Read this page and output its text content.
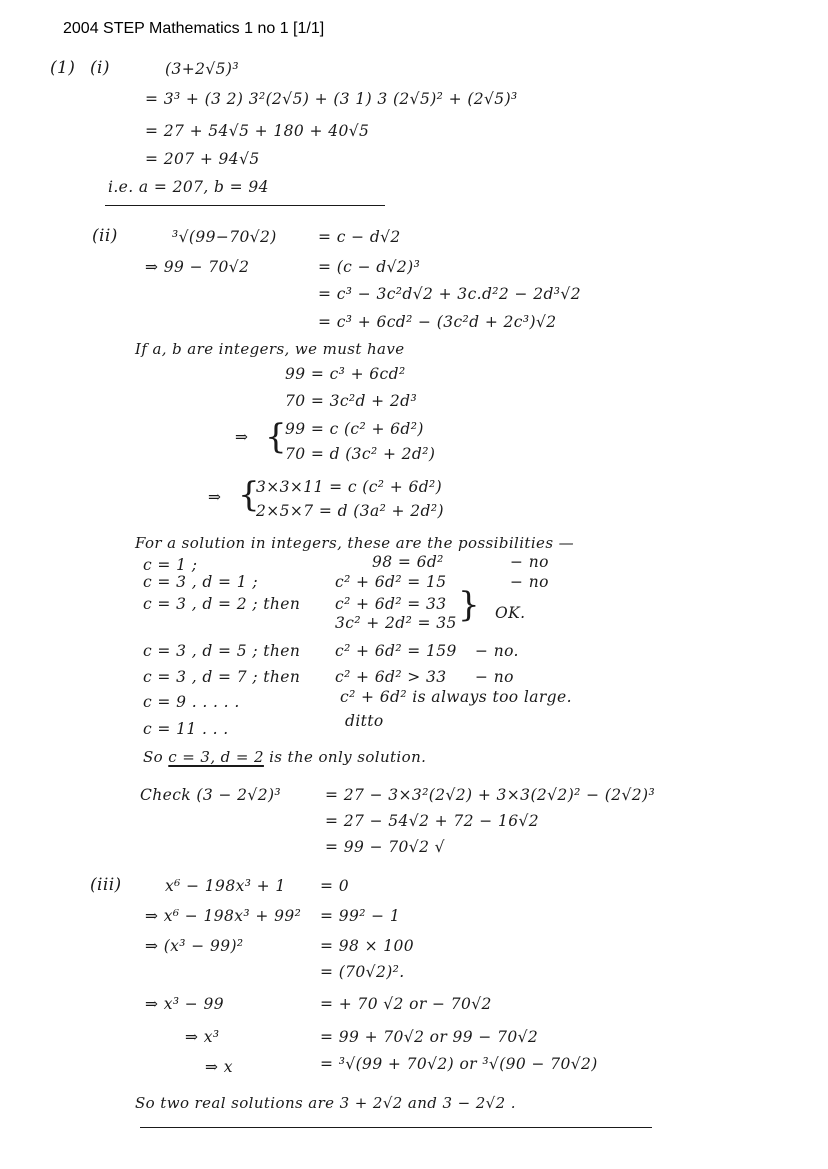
2004 STEP Mathematics 1 no 1 [1/1]
(1) (i)	(3+2√5)³
= 3³ + (3 2) 3²(2√5) + (3 1) 3 (2√5)² + (2√5)³
= 27 + 54√5 + 180 + 40√5
= 207 + 94√5
i.e. a = 207, b = 94
(ii)	³√(99−70√2)	= c − d√2
⇒ 99 − 70√2	= (c − d√2)³
= c³ − 3c²d√2 + 3c.d²2 − 2d³√2
= c³ + 6cd² − (3c²d + 2c³)√2
If a, b are integers, we must have
99 = c³ + 6cd²
70 = 3c²d + 2d³
⇒ {
99 = c (c² + 6d²)
70 = d (3c² + 2d²)
⇒ {
3×3×11 = c (c² + 6d²)
2×5×7 = d (3a² + 2d²)
For a solution in integers, these are the possibilities —
c = 1 ;	98 = 6d²	− no
c = 3 , d = 1 ;	c² + 6d² = 15	− no
c = 3 , d = 2 ; then c² + 6d² = 33 }
3c² + 2d² = 35
OK.
c = 3 , d = 5 ; then c² + 6d² = 159 − no.
c = 3 , d = 7 ; then c² + 6d² > 33 − no
c = 9 . . . . .	c² + 6d² is always too large.
c = 11 . . .	ditto
So c = 3, d = 2 is the only solution.
Check (3 − 2√2)³	= 27 − 3×3²(2√2) + 3×3(2√2)² − (2√2)³
= 27 − 54√2 + 72 − 16√2
= 99 − 70√2 √
(iii)	x⁶ − 198x³ + 1 = 0
⇒ x⁶ − 198x³ + 99² = 99² − 1
⇒ (x³ − 99)²	= 98 × 100
= (70√2)².
⇒ x³ − 99	= + 70 √2 or − 70√2
⇒ x³	= 99 + 70√2 or 99 − 70√2
⇒ x	= ³√(99 + 70√2) or ³√(90 − 70√2)
So two real solutions are 3 + 2√2 and 3 − 2√2 .
